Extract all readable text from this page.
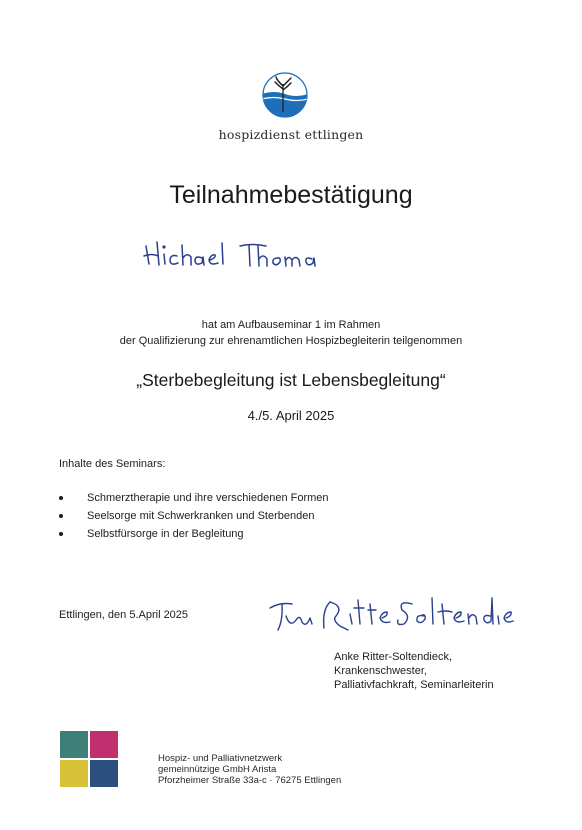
hospizdienst ettlingen
Teilnahmebestätigung
hat am Aufbauseminar 1 im Rahmen
der Qualifizierung zur ehrenamtlichen Hospizbegleiterin teilgenommen
„Sterbebegleitung ist Lebensbegleitung“
4./5. April 2025
Inhalte des Seminars:
Schmerztherapie und ihre verschiedenen Formen
Seelsorge mit Schwerkranken und Sterbenden
Selbstfürsorge in der Begleitung
Ettlingen, den 5.April 2025
Anke Ritter-Soltendieck,
Krankenschwester,
Palliativfachkraft, Seminarleiterin
Hospiz- und Palliativnetzwerk
gemeinnützige GmbH Arista
Pforzheimer Straße 33a-c · 76275 Ettlingen
